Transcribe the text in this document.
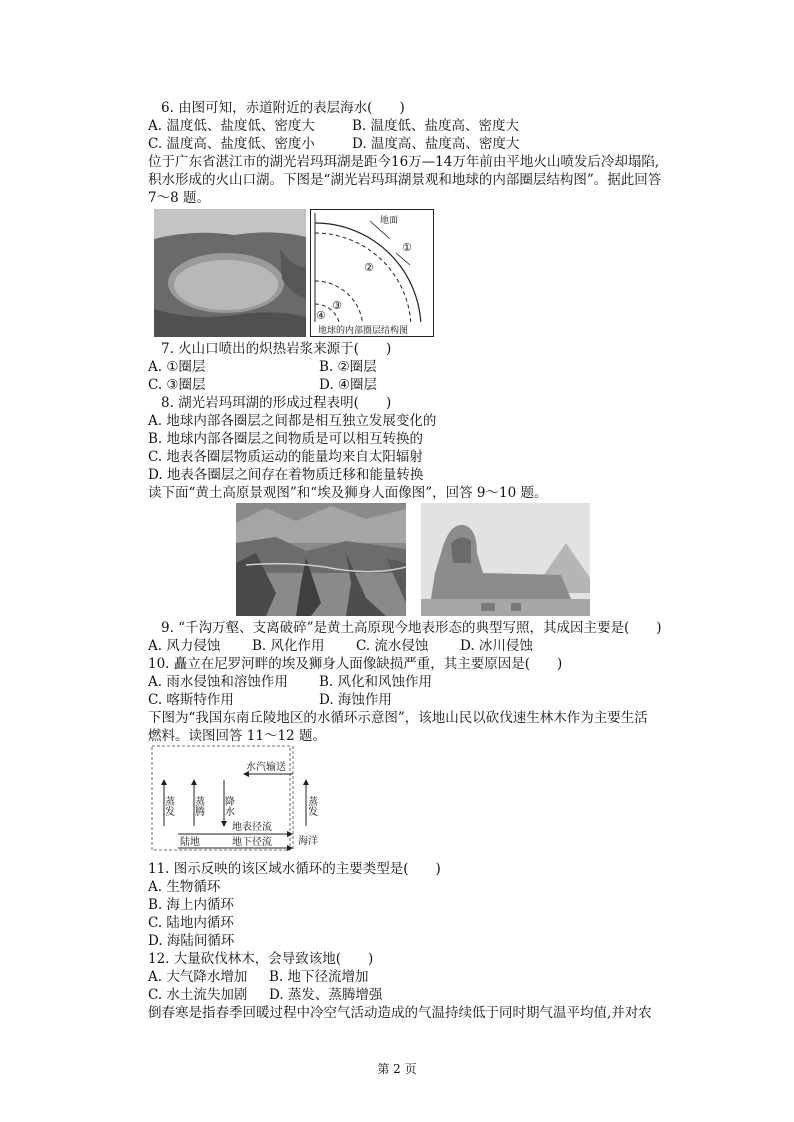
6. 由图可知，赤道附近的表层海水(　　)
A. 温度低、盐度低、密度大	B. 温度低、盐度高、密度大
C. 温度高、盐度低、密度小	D. 温度高、盐度高、密度大
位于广东省湛江市的湖光岩玛珥湖是距今16万—14万年前由平地火山喷发后冷却塌陷,
积水形成的火山口湖。下图是“湖光岩玛珥湖景观和地球的内部圈层结构图”。据此回答
7～8 题。
地面
①
②
③
④
地球的内部圈层结构图
7. 火山口喷出的炽热岩浆来源于(　　)
A. ①圈层	B. ②圈层
C. ③圈层	D. ④圈层
8. 湖光岩玛珥湖的形成过程表明(　　)
A. 地球内部各圈层之间都是相互独立发展变化的
B. 地球内部各圈层之间物质是可以相互转换的
C. 地表各圈层物质运动的能量均来自太阳辐射
D. 地表各圈层之间存在着物质迁移和能量转换
读下面“黄土高原景观图”和“埃及狮身人面像图”，回答 9～10 题。
9. “千沟万壑、支离破碎”是黄土高原现今地表形态的典型写照，其成因主要是(　　)
A. 风力侵蚀 B. 风化作用 C. 流水侵蚀 D. 冰川侵蚀
10. 矗立在尼罗河畔的埃及狮身人面像缺损严重，其主要原因是(　　)
A. 雨水侵蚀和溶蚀作用 B. 风化和风蚀作用
C. 喀斯特作用	D. 海蚀作用
下图为“我国东南丘陵地区的水循环示意图”，该地山民以砍伐速生林木作为主要生活
燃料。读图回答 11～12 题。
水汽输送
蒸发 蒸腾 降水	蒸发
地表径流
陆地	地下径流	海洋
11. 图示反映的该区域水循环的主要类型是(　　)
A. 生物循环
B. 海上内循环
C. 陆地内循环
D. 海陆间循环
12. 大量砍伐林木，会导致该地(　　)
A. 大气降水增加 B. 地下径流增加
C. 水土流失加剧 D. 蒸发、蒸腾增强
倒春寒是指春季回暖过程中冷空气活动造成的气温持续低于同时期气温平均值,并对农
第 2 页
